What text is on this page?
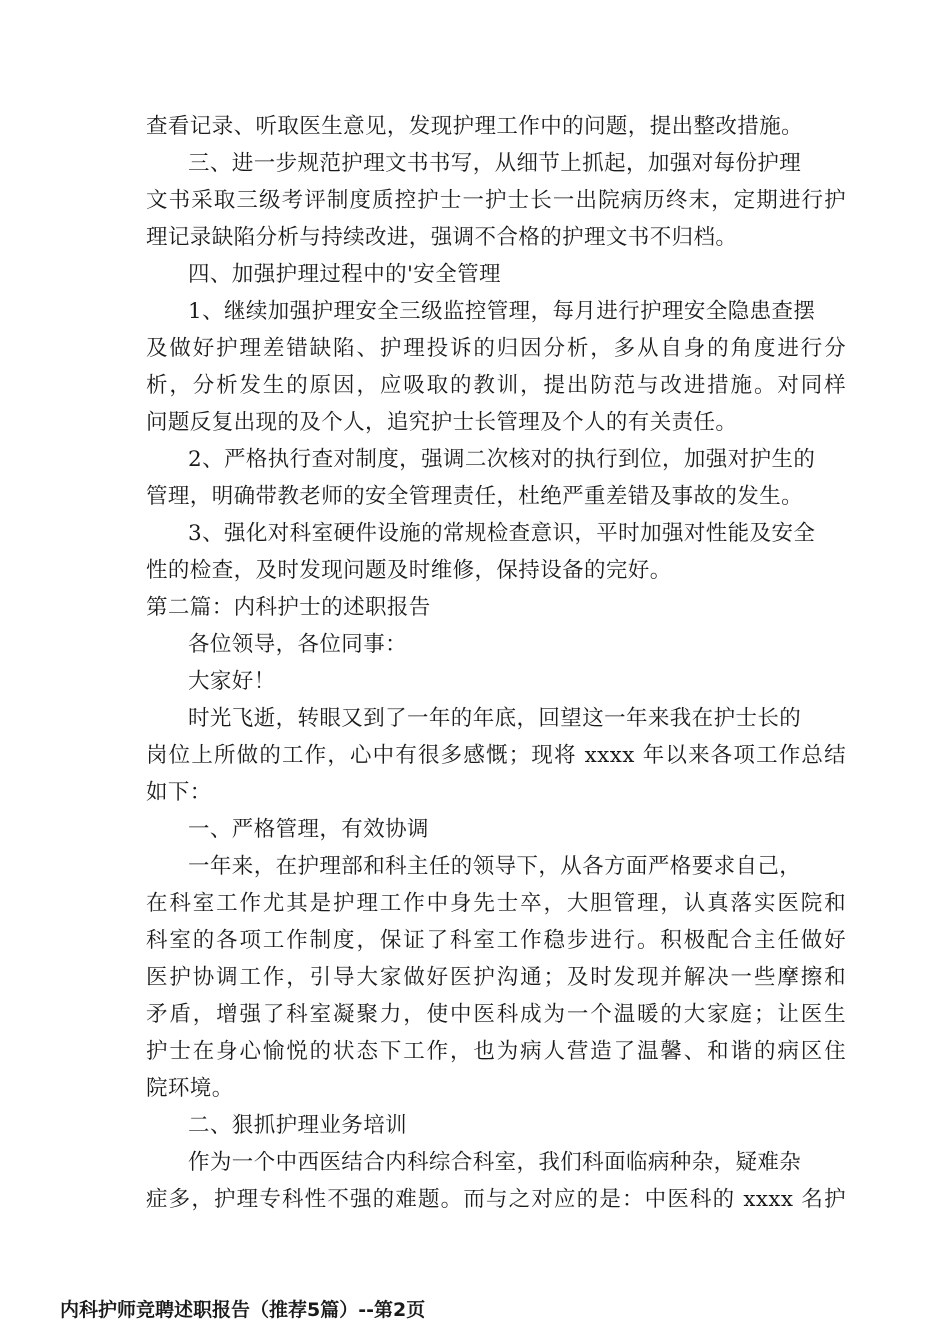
查看记录、听取医生意见，发现护理工作中的问题，提出整改措施。
三、进一步规范护理文书书写，从细节上抓起，加强对每份护理
文书采取三级考评制度质控护士一护士长一出院病历终末，定期进行护
理记录缺陷分析与持续改进，强调不合格的护理文书不归档。
四、加强护理过程中的'安全管理
1、继续加强护理安全三级监控管理，每月进行护理安全隐患查摆
及做好护理差错缺陷、护理投诉的归因分析，多从自身的角度进行分
析，分析发生的原因，应吸取的教训，提出防范与改进措施。对同样
问题反复出现的及个人，追究护士长管理及个人的有关责任。
2、严格执行查对制度，强调二次核对的执行到位，加强对护生的
管理，明确带教老师的安全管理责任，杜绝严重差错及事故的发生。
3、强化对科室硬件设施的常规检查意识，平时加强对性能及安全
性的检查，及时发现问题及时维修，保持设备的完好。
第二篇：内科护士的述职报告
各位领导，各位同事：
大家好！
时光飞逝，转眼又到了一年的年底，回望这一年来我在护士长的
岗位上所做的工作，心中有很多感慨；现将 xxxx 年以来各项工作总结
如下：
一、严格管理，有效协调
一年来，在护理部和科主任的领导下，从各方面严格要求自己，
在科室工作尤其是护理工作中身先士卒，大胆管理，认真落实医院和
科室的各项工作制度，保证了科室工作稳步进行。积极配合主任做好
医护协调工作，引导大家做好医护沟通；及时发现并解决一些摩擦和
矛盾，增强了科室凝聚力，使中医科成为一个温暖的大家庭；让医生
护士在身心愉悦的状态下工作，也为病人营造了温馨、和谐的病区住
院环境。
二、狠抓护理业务培训
作为一个中西医结合内科综合科室，我们科面临病种杂，疑难杂
症多，护理专科性不强的难题。而与之对应的是：中医科的 xxxx 名护
内科护师竞聘述职报告（推荐5篇）--第2页
